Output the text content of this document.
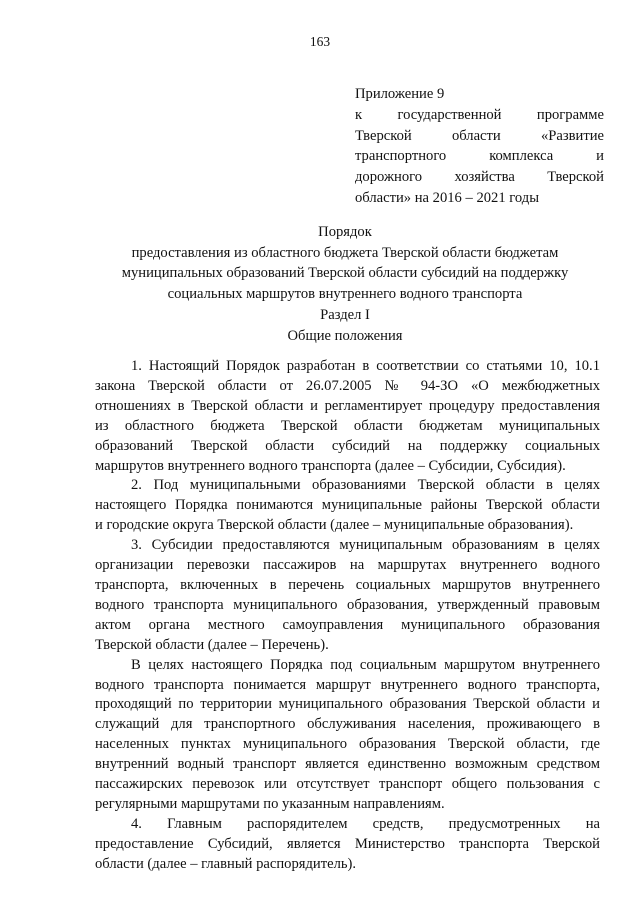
163
Приложение 9
к государственной программе
Тверской области «Развитие
транспортного комплекса и
дорожного хозяйства Тверской
области» на 2016 – 2021 годы
Порядок
предоставления из областного бюджета Тверской области бюджетам
муниципальных образований Тверской области субсидий на поддержку
социальных маршрутов внутреннего водного транспорта
Раздел I
Общие положения

1. Настоящий Порядок разработан в соответствии со статьями 10, 10.1
закона Тверской области от 26.07.2005 № 94-ЗО «О межбюджетных
отношениях в Тверской области и регламентирует процедуру предоставления
из областного бюджета Тверской области бюджетам муниципальных
образований Тверской области субсидий на поддержку социальных
маршрутов внутреннего водного транспорта (далее – Субсидии, Субсидия).

2. Под муниципальными образованиями Тверской области в целях
настоящего Порядка понимаются муниципальные районы Тверской области
и городские округа Тверской области (далее – муниципальные образования).

3. Субсидии предоставляются муниципальным образованиям в целях
организации перевозки пассажиров на маршрутах внутреннего водного
транспорта, включенных в перечень социальных маршрутов внутреннего
водного транспорта муниципального образования, утвержденный правовым
актом органа местного самоуправления муниципального образования
Тверской области (далее – Перечень).

В целях настоящего Порядка под социальным маршрутом внутреннего
водного транспорта понимается маршрут внутреннего водного транспорта,
проходящий по территории муниципального образования Тверской области и
служащий для транспортного обслуживания населения, проживающего в
населенных пунктах муниципального образования Тверской области, где
внутренний водный транспорт является единственно возможным средством
пассажирских перевозок или отсутствует транспорт общего пользования с
регулярными маршрутами по указанным направлениям.

4. Главным распорядителем средств, предусмотренных на
предоставление Субсидий, является Министерство транспорта Тверской
области (далее – главный распорядитель).
